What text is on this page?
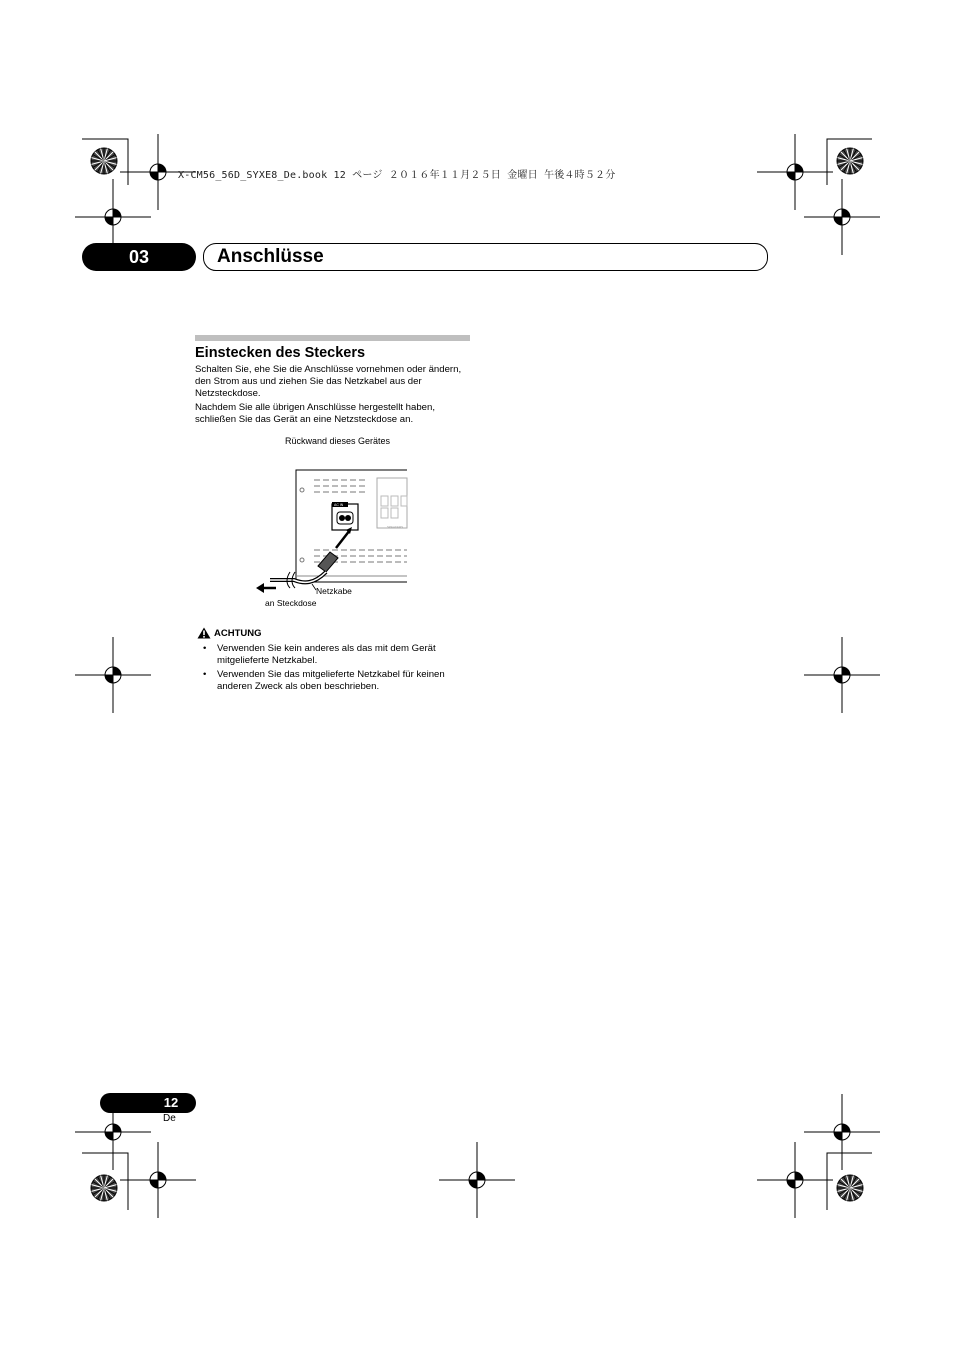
X-CM56_56D_SYXE8_De.book 12 ページ ２０１６年１１月２５日 金曜日 午後４時５２分
03	Anschlüsse
Einstecken des Steckers
Schalten Sie, ehe Sie die Anschlüsse vornehmen oder ändern, den Strom aus und ziehen Sie das Netzkabel aus der Netzsteckdose.
Nachdem Sie alle übrigen Anschlüsse hergestellt haben, schließen Sie das Gerät an eine Netzsteckdose an.
Rückwand dieses Gerätes
SPEAKERS
AC IN
Netzkabe
an Steckdose
ACHTUNG
• Verwenden Sie kein anderes als das mit dem Gerät mitgelieferte Netzkabel.
• Verwenden Sie das mitgelieferte Netzkabel für keinen anderen Zweck als oben beschrieben.
12
De
